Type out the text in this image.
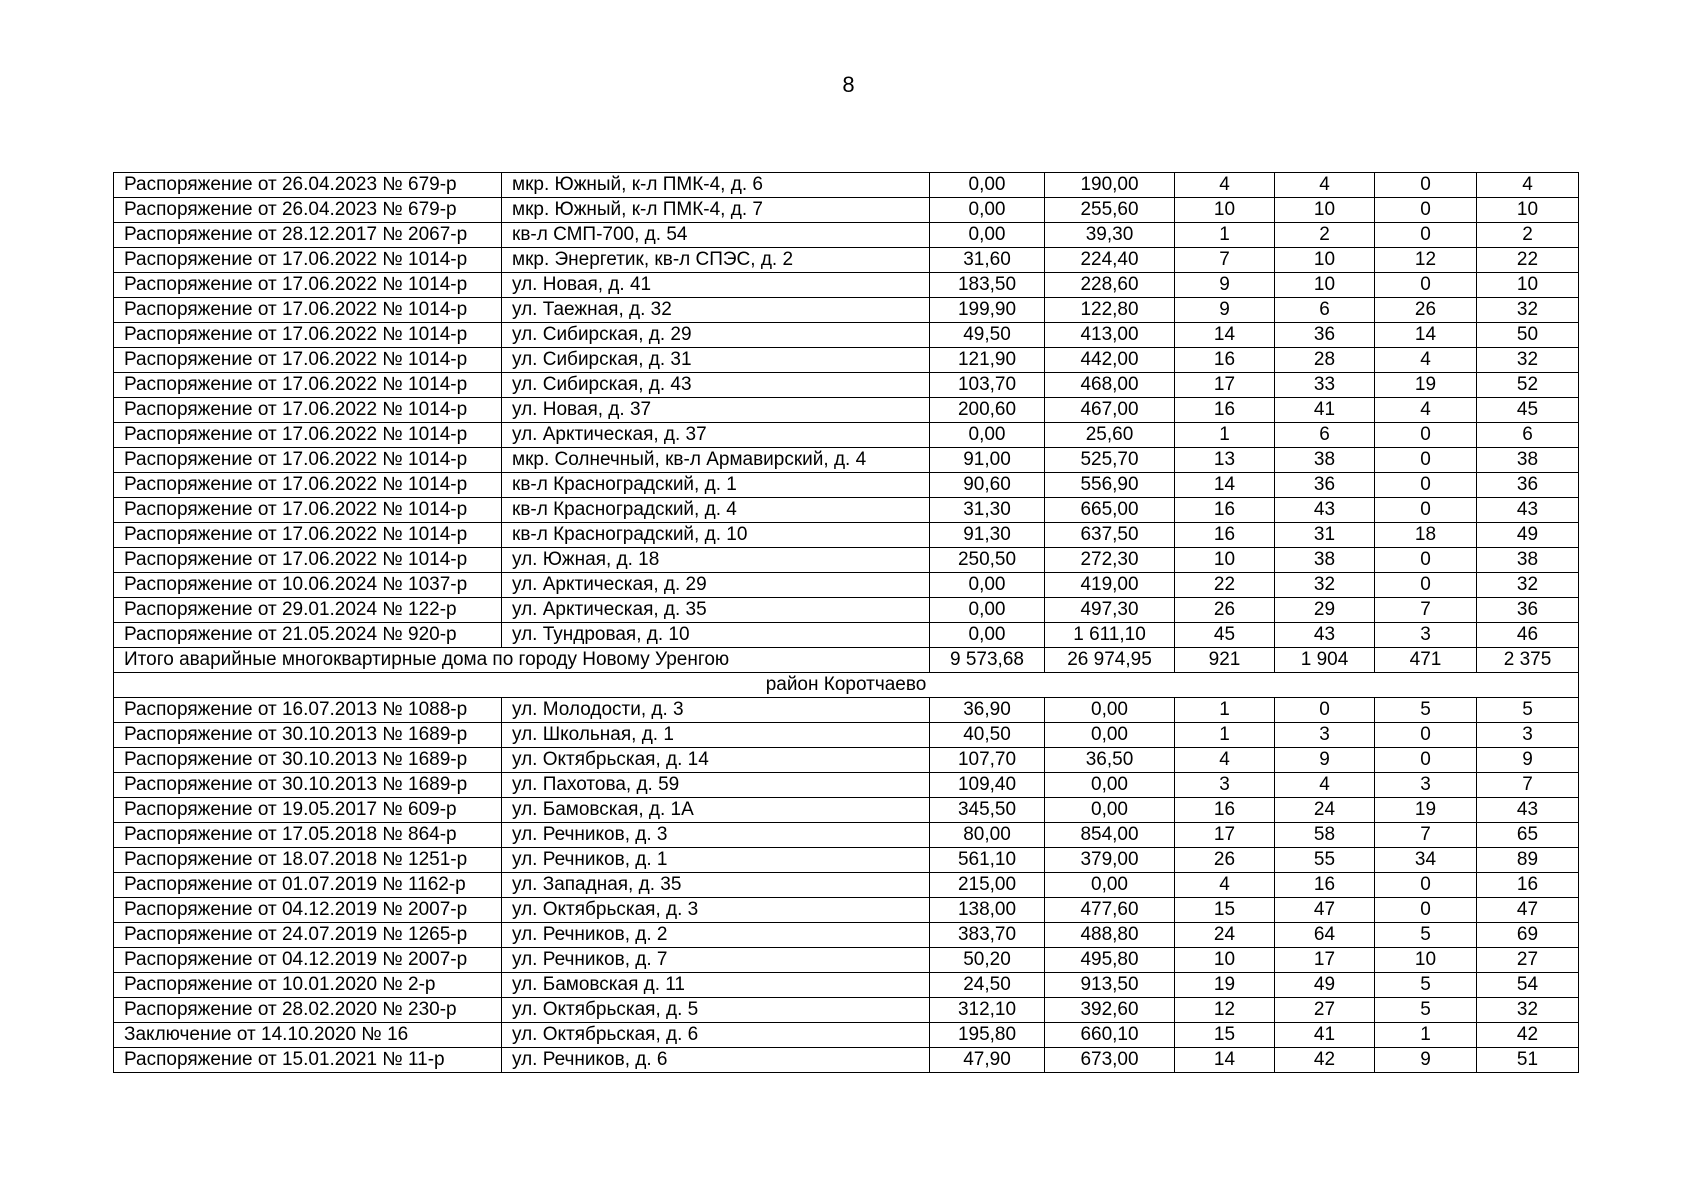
8
Распоряжение от 26.04.2023 № 679-р	мкр. Южный, к-л ПМК-4, д. 6	0,00	190,00	4	4	0	4
Распоряжение от 26.04.2023 № 679-р	мкр. Южный, к-л ПМК-4, д. 7	0,00	255,60	10	10	0	10
Распоряжение от 28.12.2017 № 2067-р	кв-л СМП-700, д. 54	0,00	39,30	1	2	0	2
Распоряжение от 17.06.2022 № 1014-р	мкр. Энергетик, кв-л СПЭС, д. 2	31,60	224,40	7	10	12	22
Распоряжение от 17.06.2022 № 1014-р	ул. Новая, д. 41	183,50	228,60	9	10	0	10
Распоряжение от 17.06.2022 № 1014-р	ул. Таежная, д. 32	199,90	122,80	9	6	26	32
Распоряжение от 17.06.2022 № 1014-р	ул. Сибирская, д. 29	49,50	413,00	14	36	14	50
Распоряжение от 17.06.2022 № 1014-р	ул. Сибирская, д. 31	121,90	442,00	16	28	4	32
Распоряжение от 17.06.2022 № 1014-р	ул. Сибирская, д. 43	103,70	468,00	17	33	19	52
Распоряжение от 17.06.2022 № 1014-р	ул. Новая, д. 37	200,60	467,00	16	41	4	45
Распоряжение от 17.06.2022 № 1014-р	ул. Арктическая, д. 37	0,00	25,60	1	6	0	6
Распоряжение от 17.06.2022 № 1014-р	мкр. Солнечный, кв-л Армавирский, д. 4	91,00	525,70	13	38	0	38
Распоряжение от 17.06.2022 № 1014-р	кв-л Красноградский, д. 1	90,60	556,90	14	36	0	36
Распоряжение от 17.06.2022 № 1014-р	кв-л Красноградский, д. 4	31,30	665,00	16	43	0	43
Распоряжение от 17.06.2022 № 1014-р	кв-л Красноградский, д. 10	91,30	637,50	16	31	18	49
Распоряжение от 17.06.2022 № 1014-р	ул. Южная, д. 18	250,50	272,30	10	38	0	38
Распоряжение от 10.06.2024 № 1037-р	ул. Арктическая, д. 29	0,00	419,00	22	32	0	32
Распоряжение от 29.01.2024 № 122-р	ул. Арктическая, д. 35	0,00	497,30	26	29	7	36
Распоряжение от 21.05.2024 № 920-р	ул. Тундровая, д. 10	0,00	1 611,10	45	43	3	46
Итого аварийные многоквартирные дома по городу Новому Уренгою		9 573,68	26 974,95	921	1 904	471	2 375
район Коротчаево							
Распоряжение от 16.07.2013 № 1088-р	ул. Молодости, д. 3	36,90	0,00	1	0	5	5
Распоряжение от 30.10.2013 № 1689-р	ул. Школьная, д. 1	40,50	0,00	1	3	0	3
Распоряжение от 30.10.2013 № 1689-р	ул. Октябрьская, д. 14	107,70	36,50	4	9	0	9
Распоряжение от 30.10.2013 № 1689-р	ул. Пахотова, д. 59	109,40	0,00	3	4	3	7
Распоряжение от 19.05.2017 № 609-р	ул. Бамовская, д. 1А	345,50	0,00	16	24	19	43
Распоряжение от 17.05.2018 № 864-р	ул. Речников, д. 3	80,00	854,00	17	58	7	65
Распоряжение от 18.07.2018 № 1251-р	ул. Речников, д. 1	561,10	379,00	26	55	34	89
Распоряжение от 01.07.2019 № 1162-р	ул. Западная, д. 35	215,00	0,00	4	16	0	16
Распоряжение от 04.12.2019 № 2007-р	ул. Октябрьская, д. 3	138,00	477,60	15	47	0	47
Распоряжение от 24.07.2019 № 1265-р	ул. Речников, д. 2	383,70	488,80	24	64	5	69
Распоряжение от 04.12.2019 № 2007-р	ул. Речников, д. 7	50,20	495,80	10	17	10	27
Распоряжение от 10.01.2020 № 2-р	ул. Бамовская д. 11	24,50	913,50	19	49	5	54
Распоряжение от 28.02.2020 № 230-р	ул. Октябрьская, д. 5	312,10	392,60	12	27	5	32
Заключение от 14.10.2020 № 16	ул. Октябрьская, д. 6	195,80	660,10	15	41	1	42
Распоряжение от 15.01.2021 № 11-р	ул. Речников, д. 6	47,90	673,00	14	42	9	51
